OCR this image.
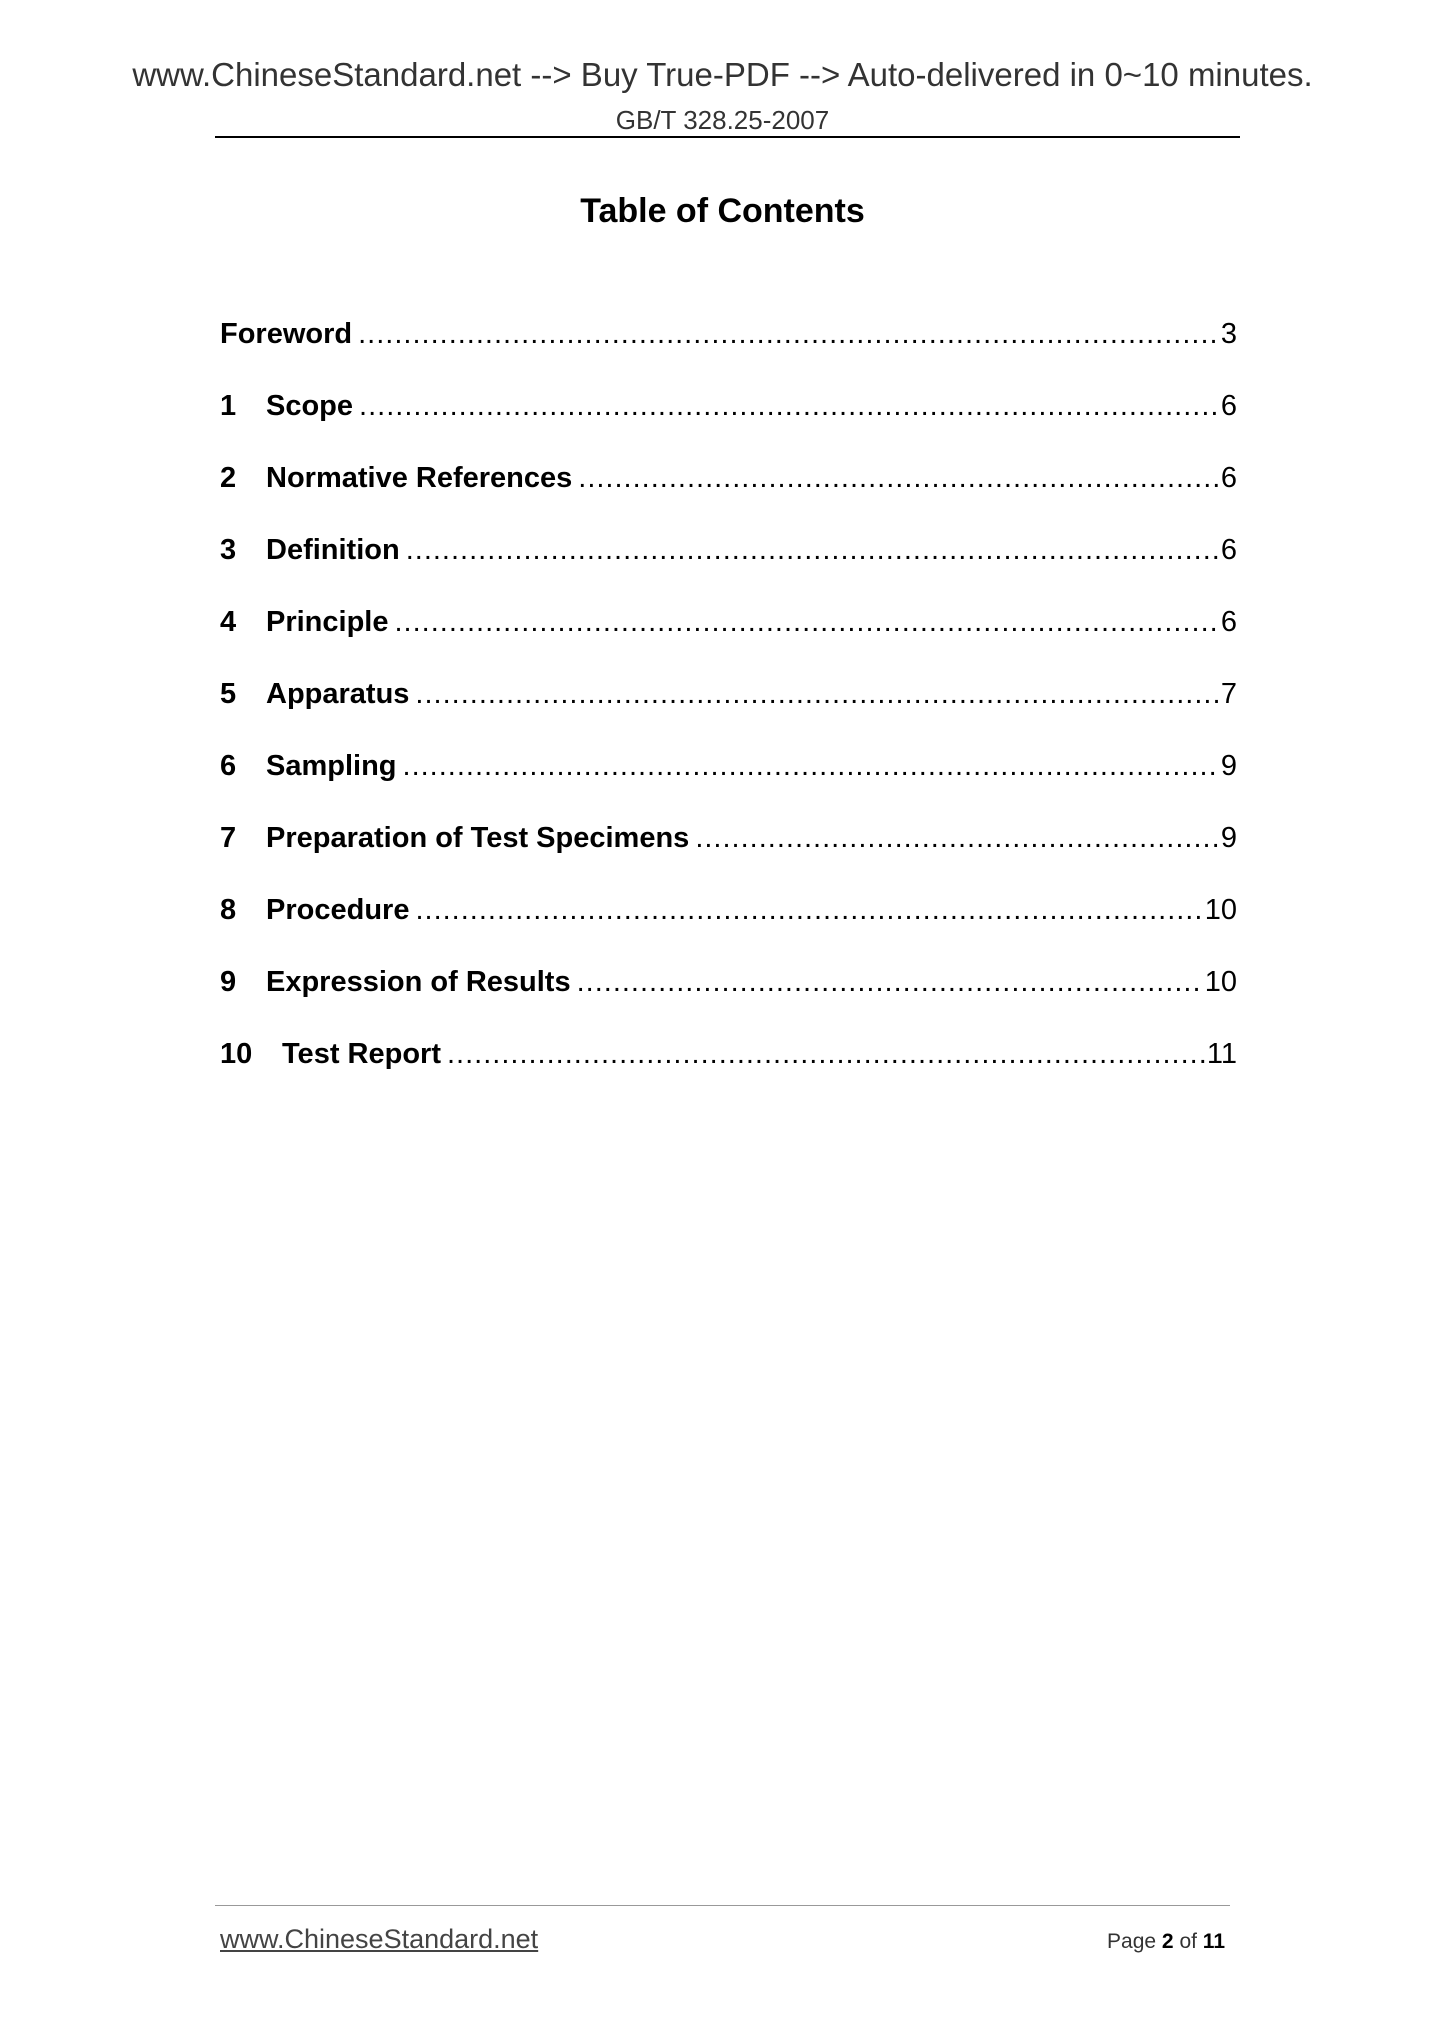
www.ChineseStandard.net --> Buy True-PDF --> Auto-delivered in 0~10 minutes.
GB/T 328.25-2007
Table of Contents
Foreword .....	3
1	Scope .....	6
2	Normative References .....	6
3	Definition .....	6
4	Principle .....	6
5	Apparatus .....	7
6	Sampling .....	9
7	Preparation of Test Specimens .....	9
8	Procedure .....	10
9	Expression of Results .....	10
10	Test Report .....	11
www.ChineseStandard.net	Page 2 of 11
